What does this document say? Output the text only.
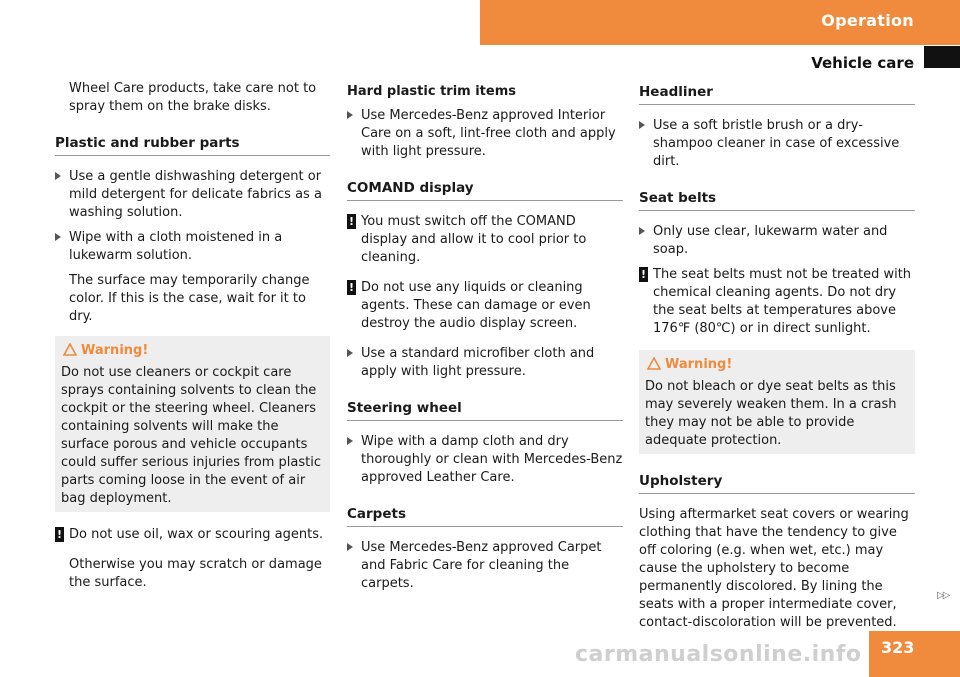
Operation
Vehicle care

Wheel Care products, take care not to spray them on the brake disks.

Plastic and rubber parts
Use a gentle dishwashing detergent or mild detergent for delicate fabrics as a washing solution.
Wipe with a cloth moistened in a lukewarm solution.

The surface may temporarily change color. If this is the case, wait for it to dry.

Warning!

Do not use cleaners or cockpit care sprays containing solvents to clean the cockpit or the steering wheel. Cleaners containing solvents will make the surface porous and vehicle occupants could suffer serious injuries from plastic parts coming loose in the event of air bag deployment.

! Do not use oil, wax or scouring agents.

Otherwise you may scratch or damage the surface.

Hard plastic trim items
Use Mercedes-Benz approved Interior Care on a soft, lint-free cloth and apply with light pressure.
COMAND display
! You must switch off the COMAND display and allow it to cool prior to cleaning.
! Do not use any liquids or cleaning agents. These can damage or even destroy the audio display screen.
Use a standard microfiber cloth and apply with light pressure.
Steering wheel
Wipe with a damp cloth and dry thoroughly or clean with Mercedes-Benz approved Leather Care.
Carpets
Use Mercedes-Benz approved Carpet and Fabric Care for cleaning the carpets.
Headliner
Use a soft bristle brush or a dry-shampoo cleaner in case of excessive dirt.
Seat belts
Only use clear, lukewarm water and soap.
! The seat belts must not be treated with chemical cleaning agents. Do not dry the seat belts at temperatures above 176℉ (80℃) or in direct sunlight.
Warning!

Do not bleach or dye seat belts as this may severely weaken them. In a crash they may not be able to provide adequate protection.

Upholstery

Using aftermarket seat covers or wearing clothing that have the tendency to give off coloring (e.g. when wet, etc.) may cause the upholstery to become permanently discolored. By lining the seats with a proper intermediate cover, contact-discoloration will be prevented.

▷▷
carmanualsonline.info 323
